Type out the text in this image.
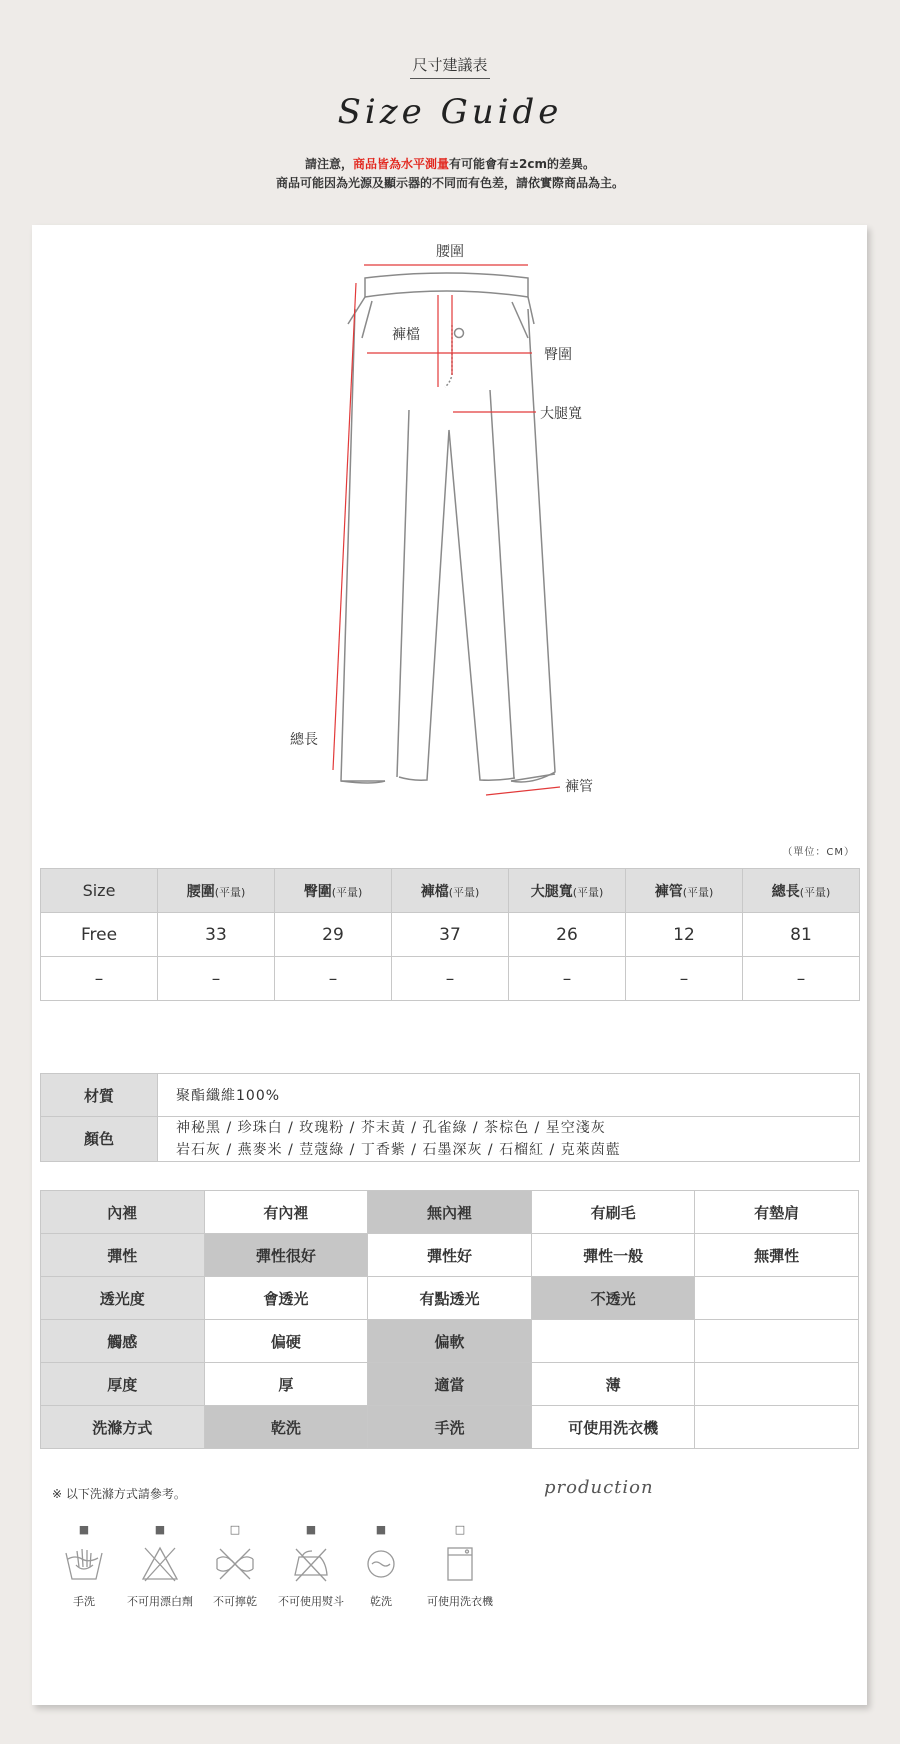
尺寸建議表
Size Guide
請注意，商品皆為水平測量有可能會有±2cm的差異。
商品可能因為光源及顯示器的不同而有色差，請依實際商品為主。
腰圍
褲檔
臀圍
大腿寬
總長
褲管
（單位：CM）
Size	腰圍(平量)	臀圍(平量)	褲檔(平量)	大腿寬(平量)	褲管(平量)	總長(平量)
Free	33	29	37	26	12	81
–	–	–	–	–	–	–
材質	聚酯纖維100%
顏色	神秘黑 / 珍珠白 / 玫瑰粉 / 芥末黃 / 孔雀綠 / 茶棕色 / 星空淺灰
岩石灰 / 燕麥米 / 荳蔻綠 / 丁香紫 / 石墨深灰 / 石榴紅 / 克萊茵藍
內裡	有內裡	無內裡	有刷毛	有墊肩
彈性	彈性很好	彈性好	彈性一般	無彈性
透光度	會透光	有點透光	不透光	
觸感	偏硬	偏軟		
厚度	厚	適當	薄	
洗滌方式	乾洗	手洗	可使用洗衣機	
※ 以下洗滌方式請參考。	production
■
手洗
■
不可用漂白劑
□
不可擰乾
■
不可使用熨斗
■
乾洗
□
可使用洗衣機
